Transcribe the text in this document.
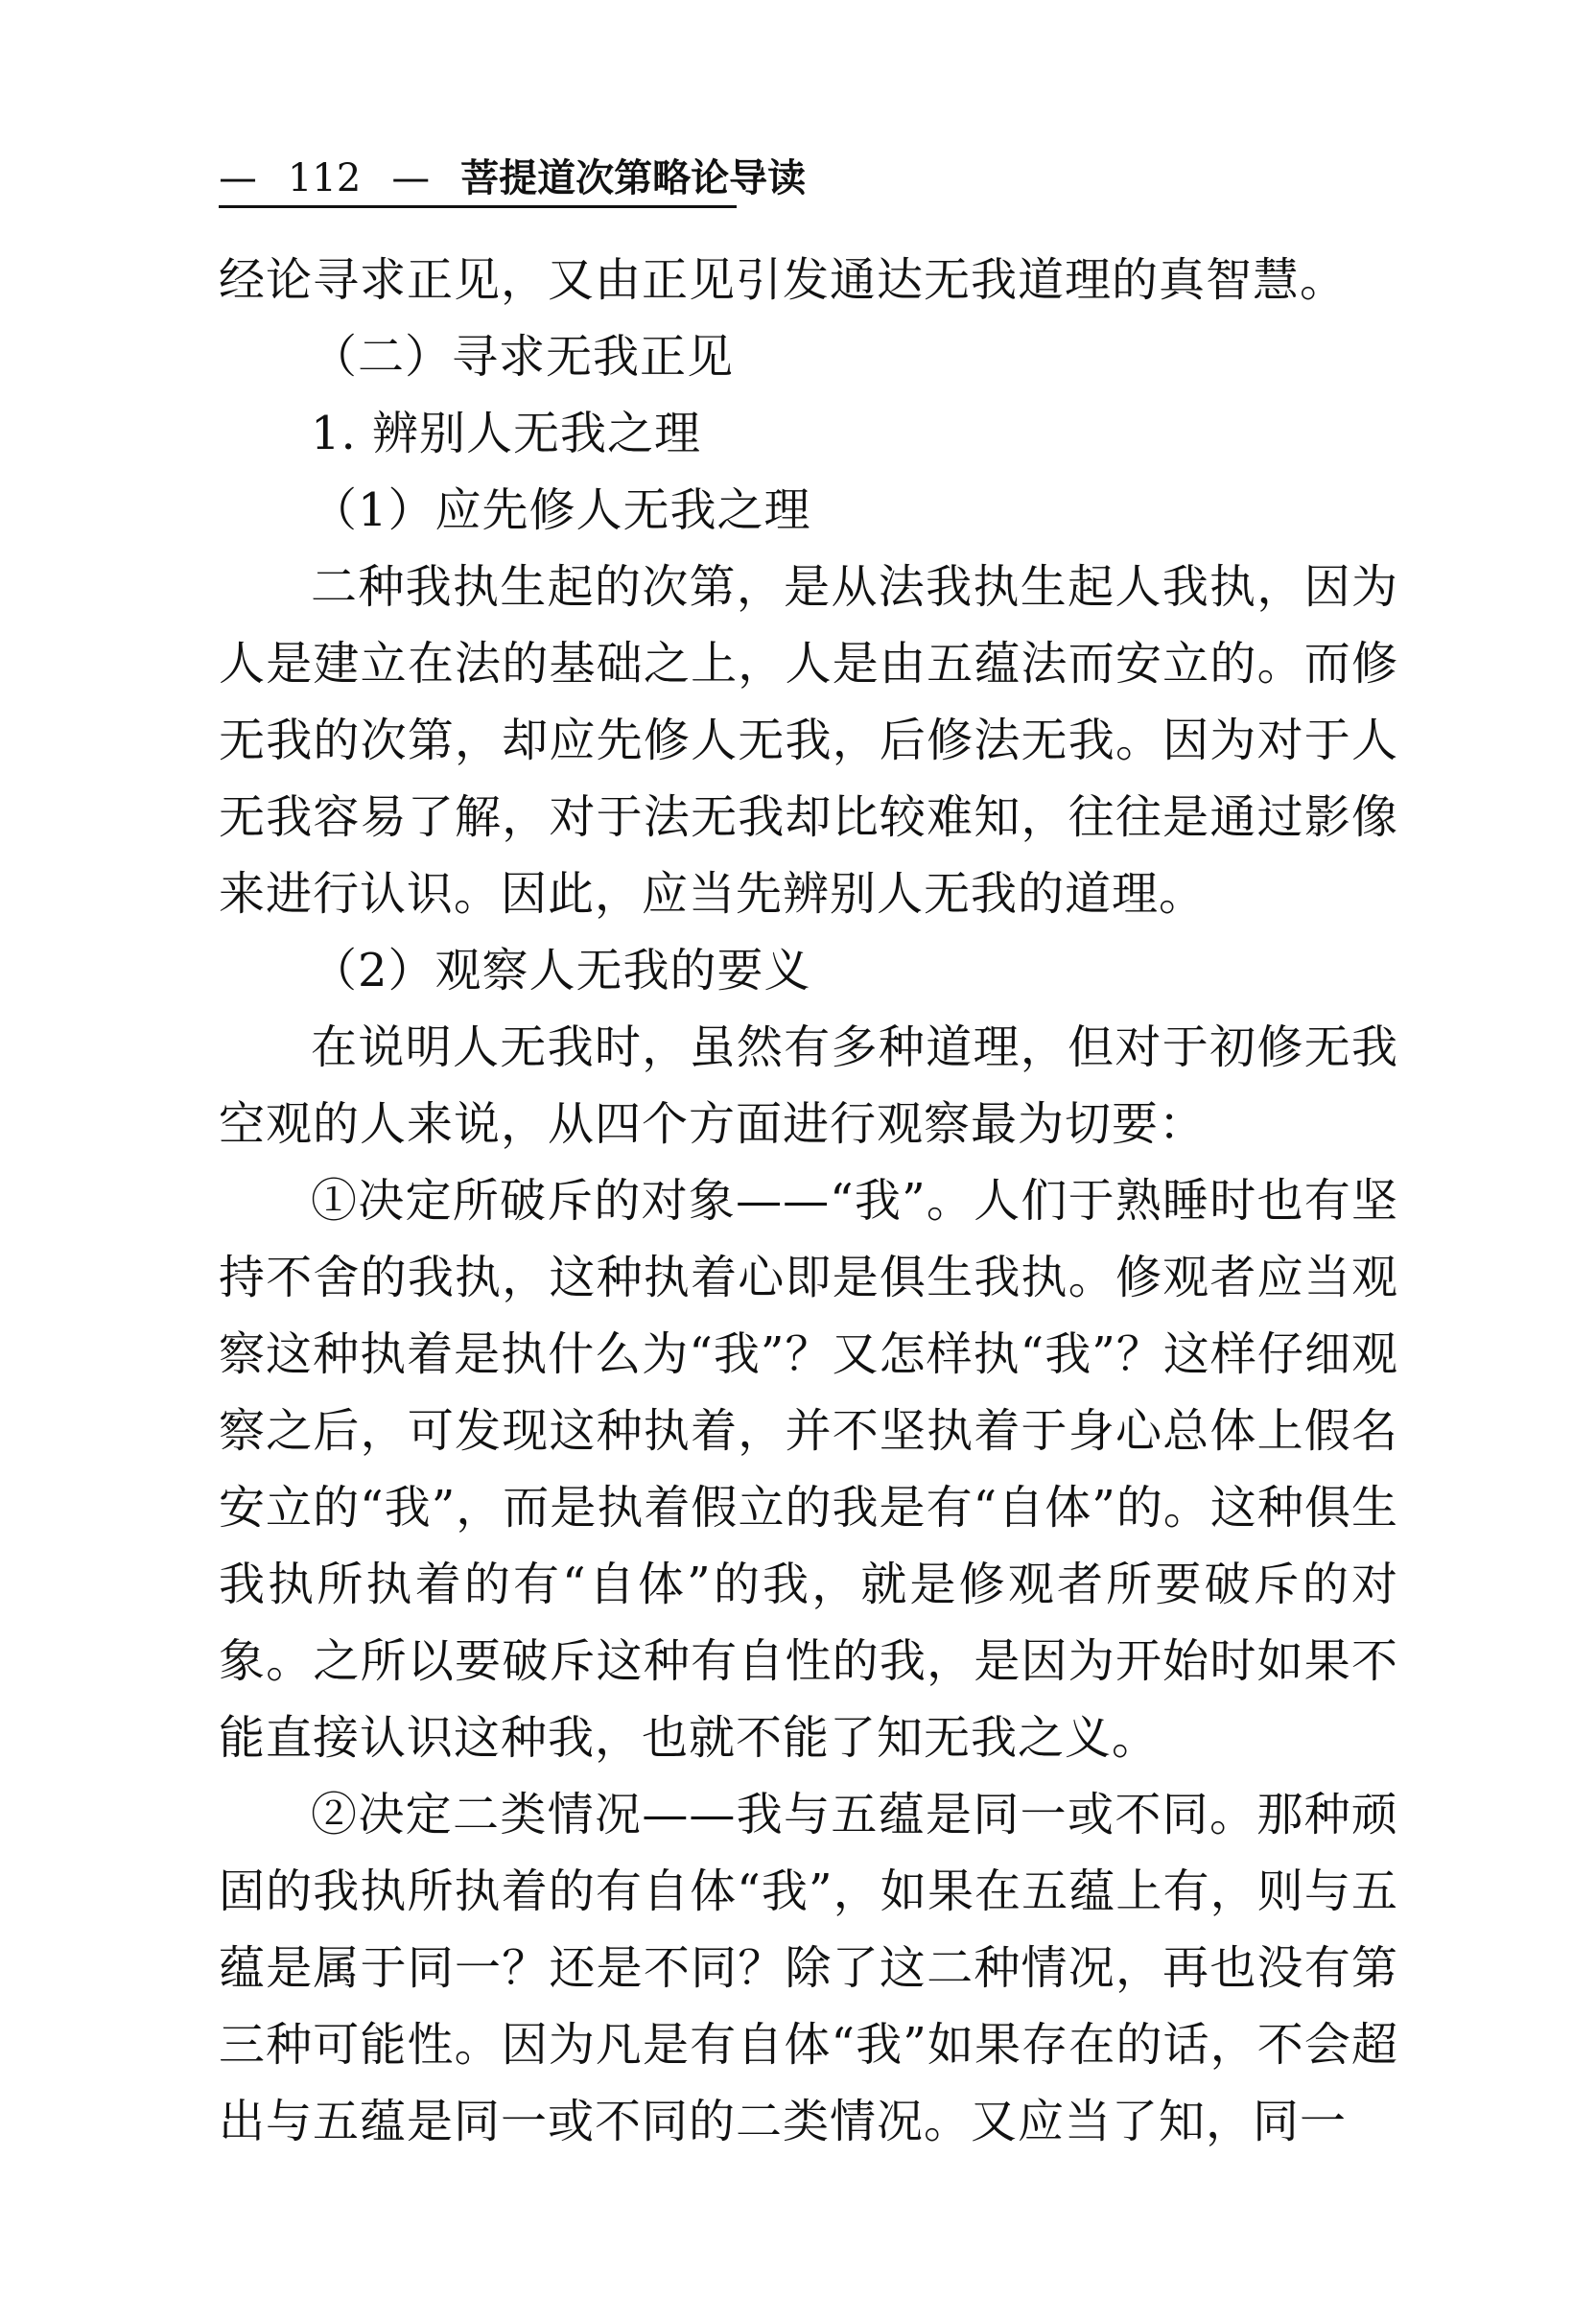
— 112 — 菩提道次第略论导读

经论寻求正见，又由正见引发通达无我道理的真智慧。

（二）寻求无我正见

1. 辨别人无我之理

（1）应先修人无我之理

二种我执生起的次第，是从法我执生起人我执，因为人是建立在法的基础之上，人是由五蕴法而安立的。而修无我的次第，却应先修人无我，后修法无我。因为对于人无我容易了解，对于法无我却比较难知，往往是通过影像来进行认识。因此，应当先辨别人无我的道理。

（2）观察人无我的要义

在说明人无我时，虽然有多种道理，但对于初修无我空观的人来说，从四个方面进行观察最为切要：

①决定所破斥的对象——“我”。人们于熟睡时也有坚持不舍的我执，这种执着心即是俱生我执。修观者应当观察这种执着是执什么为“我”？又怎样执“我”？这样仔细观察之后，可发现这种执着，并不坚执着于身心总体上假名安立的“我”，而是执着假立的我是有“自体”的。这种俱生我执所执着的有“自体”的我，就是修观者所要破斥的对象。之所以要破斥这种有自性的我，是因为开始时如果不能直接认识这种我，也就不能了知无我之义。

②决定二类情况——我与五蕴是同一或不同。那种顽固的我执所执着的有自体“我”，如果在五蕴上有，则与五蕴是属于同一？还是不同？除了这二种情况，再也没有第三种可能性。因为凡是有自体“我”如果存在的话，不会超出与五蕴是同一或不同的二类情况。又应当了知，同一
